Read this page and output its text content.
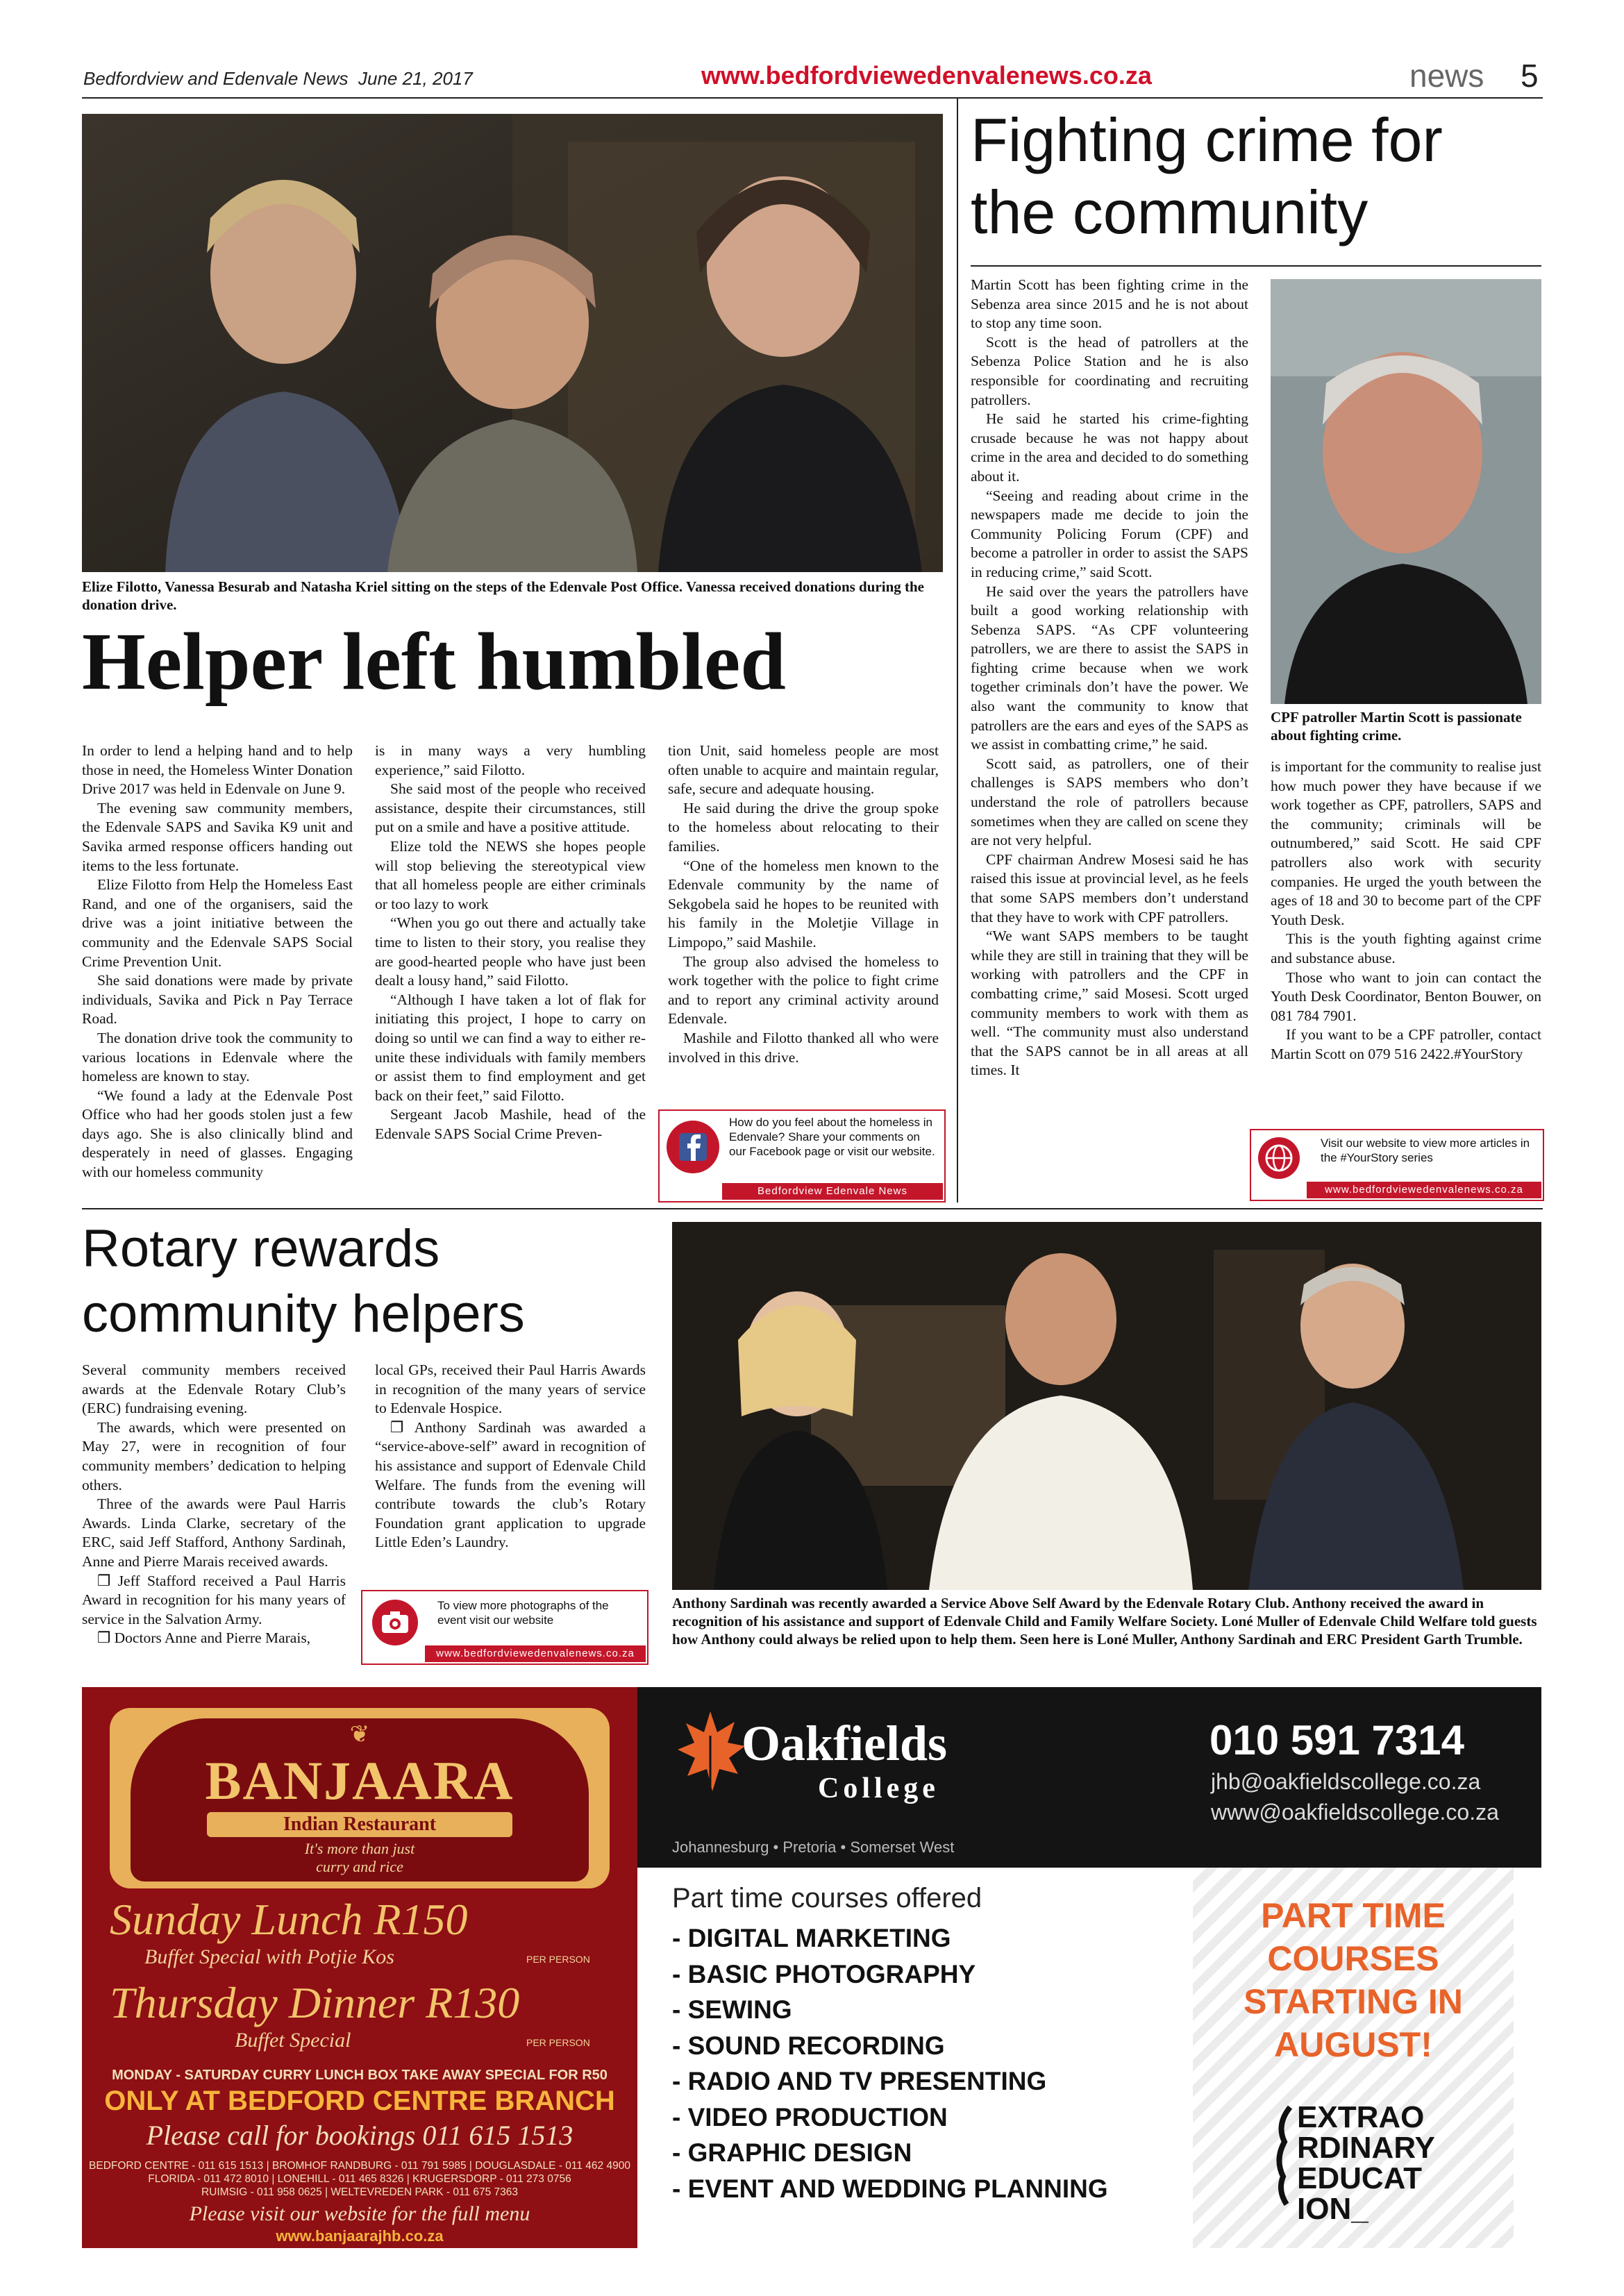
Bedfordview and Edenvale News June 21, 2017	www.bedfordviewedenvalenews.co.za	news 5
Elize Filotto, Vanessa Besurab and Natasha Kriel sitting on the steps of the Edenvale Post Office. Vanessa received donations during the donation drive.
Helper left humbled

In order to lend a helping hand and to help those in need, the Homeless Winter Donation Drive 2017 was held in Edenvale on June 9.

The evening saw community members, the Edenvale SAPS and Savika K9 unit and Savika armed response officers handing out items to the less fortunate.

Elize Filotto from Help the Homeless East Rand, and one of the organisers, said the drive was a joint initiative between the community and the Edenvale SAPS Social Crime Prevention Unit.

She said donations were made by private individuals, Savika and Pick n Pay Terrace Road.

The donation drive took the community to various locations in Edenvale where the homeless are known to stay.

“We found a lady at the Edenvale Post Office who had her goods stolen just a few days ago. She is also clinically blind and desperately in need of glasses. Engaging with our homeless community

is in many ways a very humbling experience,” said Filotto.

She said most of the people who received assistance, despite their circumstances, still put on a smile and have a positive attitude.

Elize told the NEWS she hopes people will stop believing the stereotypical view that all homeless people are either criminals or too lazy to work

“When you go out there and actually take time to listen to their story, you realise they are good-hearted people who have just been dealt a lousy hand,” said Filotto.

“Although I have taken a lot of flak for initiating this project, I hope to carry on doing so until we can find a way to either re-unite these individuals with family members or assist them to find employment and get back on their feet,” said Filotto.

Sergeant Jacob Mashile, head of the Edenvale SAPS Social Crime Preven-

tion Unit, said homeless people are most often unable to acquire and maintain regular, safe, secure and adequate housing.

He said during the drive the group spoke to the homeless about relocating to their families.

“One of the homeless men known to the Edenvale community by the name of Sekgobela said he hopes to be reunited with his family in the Moletjie Village in Limpopo,” said Mashile.

The group also advised the homeless to work together with the police to fight crime and to report any criminal activity around Edenvale.

Mashile and Filotto thanked all who were involved in this drive.

How do you feel about the homeless in Edenvale? Share your comments on our Facebook page or visit our website.
Bedfordview Edenvale News
Fighting crime for
the community

Martin Scott has been fighting crime in the Sebenza area since 2015 and he is not about to stop any time soon.

Scott is the head of patrollers at the Sebenza Police Station and he is also responsible for coordinating and recruiting patrollers.

He said he started his crime-fighting crusade because he was not happy about crime in the area and decided to do something about it.

“Seeing and reading about crime in the newspapers made me decide to join the Community Policing Forum (CPF) and become a patroller in order to assist the SAPS in reducing crime,” said Scott.

He said over the years the patrollers have built a good working relationship with Sebenza SAPS. “As CPF volunteering patrollers, we are there to assist the SAPS in fighting crime because when we work together criminals don’t have the power. We also want the community to know that patrollers are the ears and eyes of the SAPS as we assist in combatting crime,” he said.

Scott said, as patrollers, one of their challenges is SAPS members who don’t understand the role of patrollers because sometimes when they are called on scene they are not very helpful.

CPF chairman Andrew Mosesi said he has raised this issue at provincial level, as he feels that some SAPS members don’t understand that they have to work with CPF patrollers.

“We want SAPS members to be taught while they are still in training that they will be working with patrollers and the CPF in combatting crime,” said Mosesi. Scott urged community members to work with them as well. “The community must also understand that the SAPS cannot be in all areas at all times. It

CPF patroller Martin Scott is passionate about fighting crime.

is important for the community to realise just how much power they have because if we work together as CPF, patrollers, SAPS and the community; criminals will be outnumbered,” said Scott. He said CPF patrollers also work with security companies. He urged the youth between the ages of 18 and 30 to become part of the CPF Youth Desk.

This is the youth fighting against crime and substance abuse.

Those who want to join can contact the Youth Desk Coordinator, Benton Bouwer, on 081 784 7901.

If you want to be a CPF patroller, contact Martin Scott on 079 516 2422.#YourStory

Visit our website to view more articles in the #YourStory series
www.bedfordviewedenvalenews.co.za
Rotary rewards
community helpers

Several community members received awards at the Edenvale Rotary Club’s (ERC) fundraising evening.

The awards, which were presented on May 27, were in recognition of four community members’ dedication to helping others.

Three of the awards were Paul Harris Awards. Linda Clarke, secretary of the ERC, said Jeff Stafford, Anthony Sardinah, Anne and Pierre Marais received awards.

❒ Jeff Stafford received a Paul Harris Award in recognition for his many years of service in the Salvation Army.

❒ Doctors Anne and Pierre Marais,

local GPs, received their Paul Harris Awards in recognition of the many years of service to Edenvale Hospice.

❒ Anthony Sardinah was awarded a “service-above-self” award in recognition of his assistance and support of Edenvale Child Welfare. The funds from the evening will contribute towards the club’s Rotary Foundation grant application to upgrade Little Eden’s Laundry.

To view more photographs of the event visit our website
www.bedfordviewedenvalenews.co.za
Anthony Sardinah was recently awarded a Service Above Self Award by the Edenvale Rotary Club. Anthony received the award in recognition of his assistance and support of Edenvale Child and Family Welfare Society. Loné Muller of Edenvale Child Welfare told guests how Anthony could always be relied upon to help them. Seen here is Loné Muller, Anthony Sardinah and ERC President Garth Trumble.
❦
BANJAARA
Indian Restaurant
It's more than just
curry and rice
Sunday Lunch R150
Buffet Special with Potjie Kos	PER PERSON
Thursday Dinner R130
Buffet Special	PER PERSON
MONDAY - SATURDAY CURRY LUNCH BOX TAKE AWAY SPECIAL FOR R50
ONLY AT BEDFORD CENTRE BRANCH
Please call for bookings 011 615 1513
BEDFORD CENTRE - 011 615 1513 | BROMHOF RANDBURG - 011 791 5985 | DOUGLASDALE - 011 462 4900
FLORIDA - 011 472 8010 | LONEHILL - 011 465 8326 | KRUGERSDORP - 011 273 0756
RUIMSIG - 011 958 0625 | WELTEVREDEN PARK - 011 675 7363
Please visit our website for the full menu
www.banjaarajhb.co.za
Oakfields
College
Johannesburg • Pretoria • Somerset West
010 591 7314
jhb@oakfieldscollege.co.za
www@oakfieldscollege.co.za
Part time courses offered
- DIGITAL MARKETING
- BASIC PHOTOGRAPHY
- SEWING
- SOUND RECORDING
- RADIO AND TV PRESENTING
- VIDEO PRODUCTION
- GRAPHIC DESIGN
- EVENT AND WEDDING PLANNING
PART TIME
COURSES
STARTING IN
AUGUST!
EXTRAO
RDINARY
EDUCAT
ION_
